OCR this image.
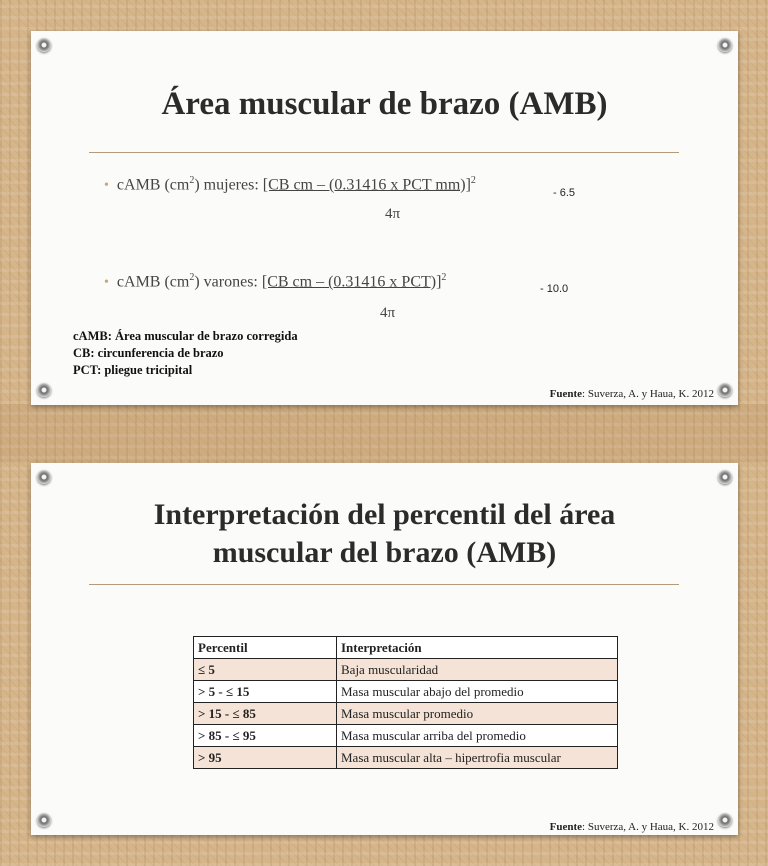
Área muscular de brazo (AMB)
• cAMB $(cm^2)$ mujeres: [CB cm – (0.31416 x PCT mm)]$^2$
- 6.5
4π
• cAMB $(cm^2)$ varones: [CB cm – (0.31416 x PCT)]$^2$
- 10.0
4π
cAMB: Área muscular de brazo corregida
CB: circunferencia de brazo
PCT: pliegue tricipital
Fuente: Suverza, A. y Haua, K. 2012
Interpretación del percentil del área
muscular del brazo (AMB)
Percentil	Interpretación
≤ 5	Baja muscularidad
> 5 - ≤ 15	Masa muscular abajo del promedio
> 15 - ≤ 85	Masa muscular promedio
> 85 - ≤ 95	Masa muscular arriba del promedio
> 95	Masa muscular alta – hipertrofia muscular
Fuente: Suverza, A. y Haua, K. 2012
